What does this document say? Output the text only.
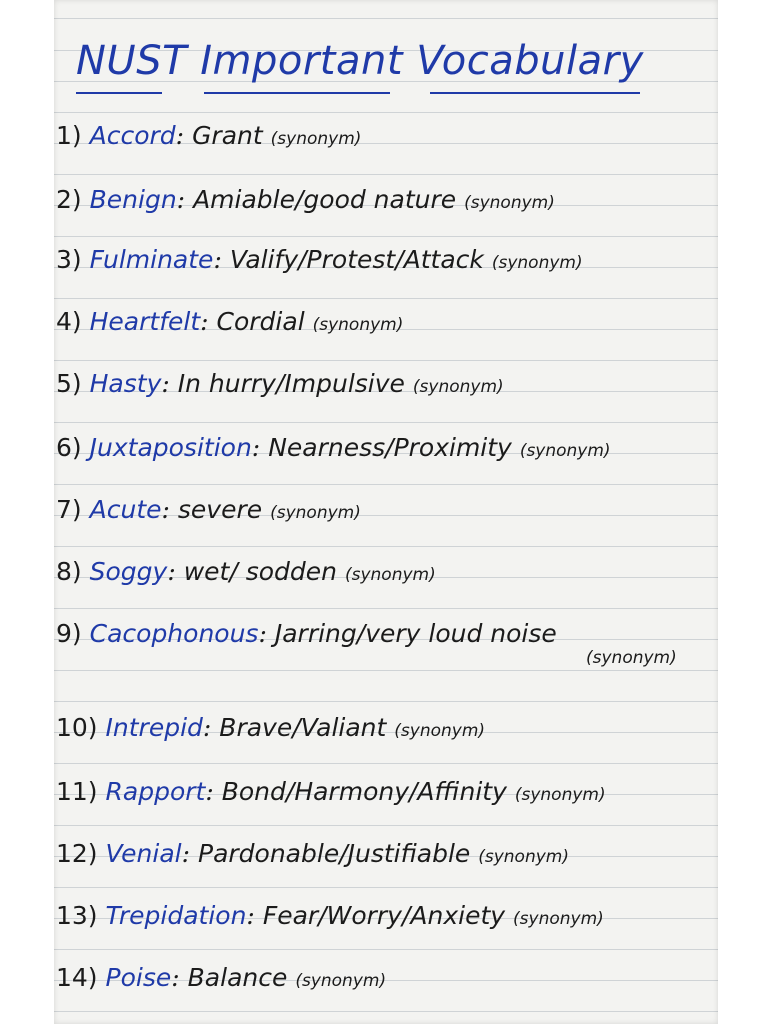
NUST Important Vocabulary
1) Accord: Grant (synonym)
2) Benign: Amiable/good nature (synonym)
3) Fulminate: Valify/Protest/Attack (synonym)
4) Heartfelt: Cordial (synonym)
5) Hasty: In hurry/Impulsive (synonym)
6) Juxtaposition: Nearness/Proximity (synonym)
7) Acute: severe (synonym)
8) Soggy: wet/ sodden (synonym)
9) Cacophonous: Jarring/very loud noise
(synonym)
10) Intrepid: Brave/Valiant (synonym)
11) Rapport: Bond/Harmony/Affinity (synonym)
12) Venial: Pardonable/Justifiable (synonym)
13) Trepidation: Fear/Worry/Anxiety (synonym)
14) Poise: Balance (synonym)
